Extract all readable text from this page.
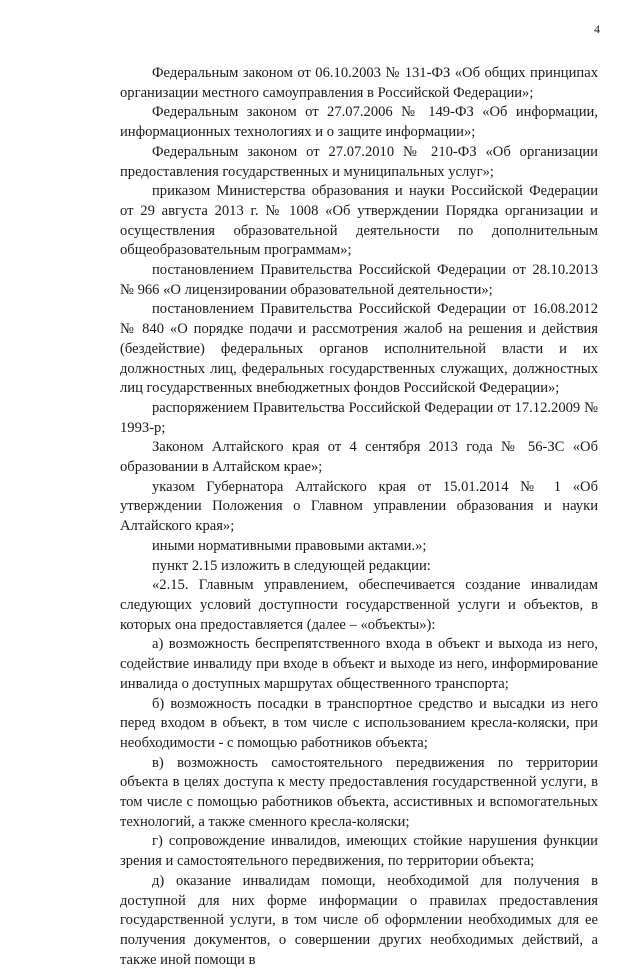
4

Федеральным законом от 06.10.2003 № 131-ФЗ «Об общих принципах организации местного самоуправления в Российской Федерации»;

Федеральным законом от 27.07.2006 № 149-ФЗ «Об информации, информационных технологиях и о защите информации»;

Федеральным законом от 27.07.2010 № 210-ФЗ «Об организации предоставления государственных и муниципальных услуг»;

приказом Министерства образования и науки Российской Федерации от 29 августа 2013 г. № 1008 «Об утверждении Порядка организации и осуществления образовательной деятельности по дополнительным общеобразовательным программам»;

постановлением Правительства Российской Федерации от 28.10.2013 № 966 «О лицензировании образовательной деятельности»;

постановлением Правительства Российской Федерации от 16.08.2012 № 840 «О порядке подачи и рассмотрения жалоб на решения и действия (бездействие) федеральных органов исполнительной власти и их должностных лиц, федеральных государственных служащих, должностных лиц государственных внебюджетных фондов Российской Федерации»;

распоряжением Правительства Российской Федерации от 17.12.2009 № 1993-р;

Законом Алтайского края от 4 сентября 2013 года № 56-ЗС «Об образовании в Алтайском крае»;

указом Губернатора Алтайского края от 15.01.2014 № 1 «Об утверждении Положения о Главном управлении образования и науки Алтайского края»;

иными нормативными правовыми актами.»;

пункт 2.15 изложить в следующей редакции:

«2.15. Главным управлением, обеспечивается создание инвалидам следующих условий доступности государственной услуги и объектов, в которых она предоставляется (далее – «объекты»):

а) возможность беспрепятственного входа в объект и выхода из него, содействие инвалиду при входе в объект и выходе из него, информирование инвалида о доступных маршрутах общественного транспорта;

б) возможность посадки в транспортное средство и высадки из него перед входом в объект, в том числе с использованием кресла-коляски, при необходимости - с помощью работников объекта;

в) возможность самостоятельного передвижения по территории объекта в целях доступа к месту предоставления государственной услуги, в том числе с помощью работников объекта, ассистивных и вспомогательных технологий, а также сменного кресла-коляски;

г) сопровождение инвалидов, имеющих стойкие нарушения функции зрения и самостоятельного передвижения, по территории объекта;

д) оказание инвалидам помощи, необходимой для получения в доступной для них форме информации о правилах предоставления государственной услуги, в том числе об оформлении необходимых для ее получения документов, о совершении других необходимых действий, а также иной помощи в
